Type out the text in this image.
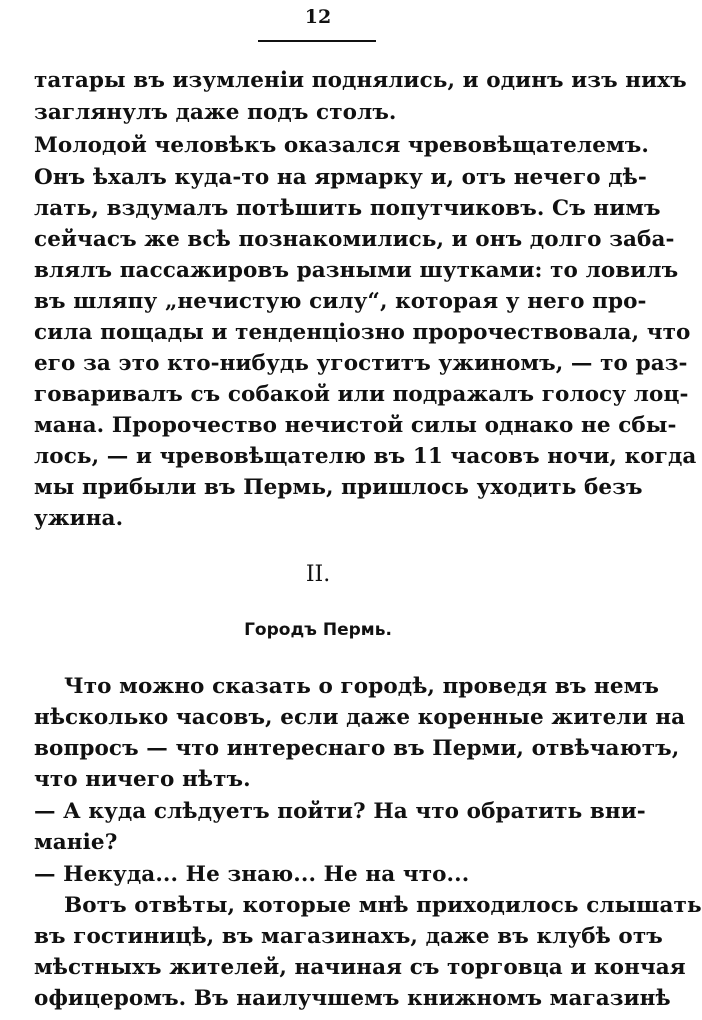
12
татары въ изумленіи поднялись, и одинъ изъ нихъ
заглянулъ даже подъ столъ.
Молодой человѣкъ оказался чревовѣщателемъ.
Онъ ѣхалъ куда-то на ярмарку и, отъ нечего дѣ-
лать, вздумалъ потѣшить попутчиковъ. Съ нимъ
сейчасъ же всѣ познакомились, и онъ долго заба-
влялъ пассажировъ разными шутками: то ловилъ
въ шляпу „нечистую силу“, которая у него про-
сила пощады и тенденціозно пророчествовала, что
его за это кто-нибудь угоститъ ужиномъ, — то раз-
говаривалъ съ собакой или подражалъ голосу лоц-
мана. Пророчество нечистой силы однако не сбы-
лось, — и чревовѣщателю въ 11 часовъ ночи, когда
мы прибыли въ Пермь, пришлось уходить безъ
ужина.
II.
Городъ Пермь.
Что можно сказать о городѣ, проведя въ немъ
нѣсколько часовъ, если даже коренные жители на
вопросъ — что интереснаго въ Перми, отвѣчаютъ,
что ничего нѣтъ.
— А куда слѣдуетъ пойти? На что обратить вни-
маніе?
— Некуда... Не знаю... Не на что...
Вотъ отвѣты, которые мнѣ приходилось слышать
въ гостиницѣ, въ магазинахъ, даже въ клубѣ отъ
мѣстныхъ жителей, начиная съ торговца и кончая
офицеромъ. Въ наилучшемъ книжномъ магазинѣ
